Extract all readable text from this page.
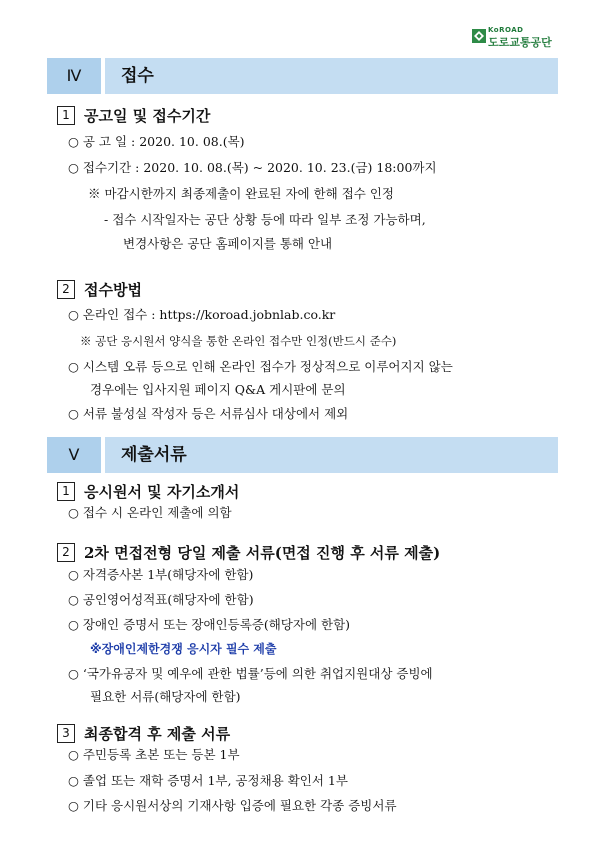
KoROAD
도로교통공단
Ⅳ	접수
1 공고일 및 접수기간
○ 공 고 일 : 2020. 10. 08.(목)
○ 접수기간 : 2020. 10. 08.(목) ~ 2020. 10. 23.(금) 18:00까지
※ 마감시한까지 최종제출이 완료된 자에 한해 접수 인정
- 접수 시작일자는 공단 상황 등에 따라 일부 조정 가능하며,
변경사항은 공단 홈페이지를 통해 안내
2 접수방법
○ 온라인 접수 : https://koroad.jobnlab.co.kr
※ 공단 응시원서 양식을 통한 온라인 접수만 인정(반드시 준수)
○ 시스템 오류 등으로 인해 온라인 접수가 정상적으로 이루어지지 않는
경우에는 입사지원 페이지 Q&A 게시판에 문의
○ 서류 불성실 작성자 등은 서류심사 대상에서 제외
Ⅴ	제출서류
1 응시원서 및 자기소개서
○ 접수 시 온라인 제출에 의함
2 2차 면접전형 당일 제출 서류(면접 진행 후 서류 제출)
○ 자격증사본 1부(해당자에 한함)
○ 공인영어성적표(해당자에 한함)
○ 장애인 증명서 또는 장애인등록증(해당자에 한함)
※장애인제한경쟁 응시자 필수 제출
○ ‘국가유공자 및 예우에 관한 법률’등에 의한 취업지원대상 증빙에
필요한 서류(해당자에 한함)
3 최종합격 후 제출 서류
○ 주민등록 초본 또는 등본 1부
○ 졸업 또는 재학 증명서 1부, 공정채용 확인서 1부
○ 기타 응시원서상의 기재사항 입증에 필요한 각종 증빙서류
